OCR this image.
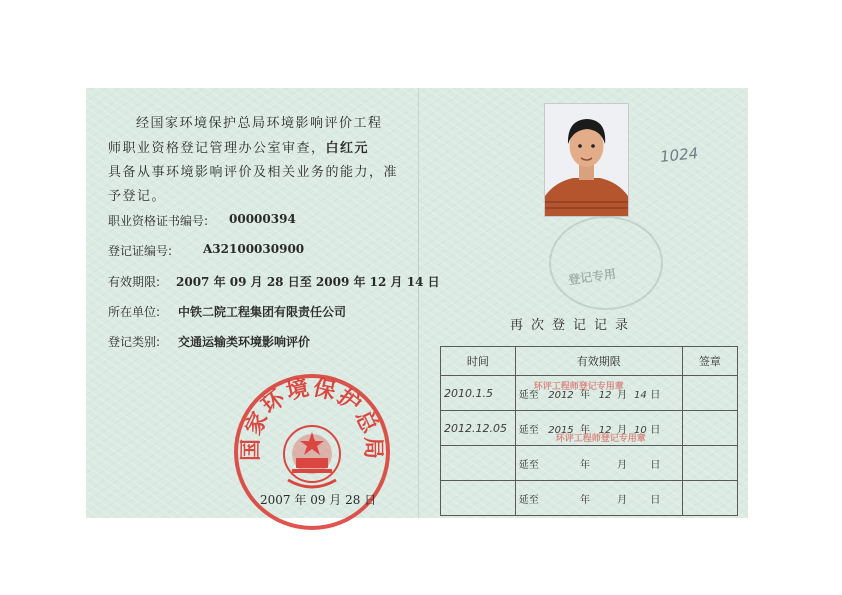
经国家环境保护总局环境影响评价工程
师职业资格登记管理办公室审查，白红元
具备从事环境影响评价及相关业务的能力，准
予登记。
职业资格证书编号: 00000394
登记证编号:	A32100030900
有效期限: 2007 年 09 月 28 日至 2009 年 12 月 14 日
所在单位: 中铁二院工程集团有限责任公司
登记类别: 交通运输类环境影响评价
国家环境保护总局
2007 年 09 月 28 日
1024
登记专用
再次登记记录
时间	有效期限	签章
2010.1.5	延至 2012 年 12 月 14 日
环评工程师登记专用章	

2012.12.05	延至 2015 年 12 月 10 日
环评工程师登记专用章	

	延至 年 月 日	
	延至 年 月 日	
